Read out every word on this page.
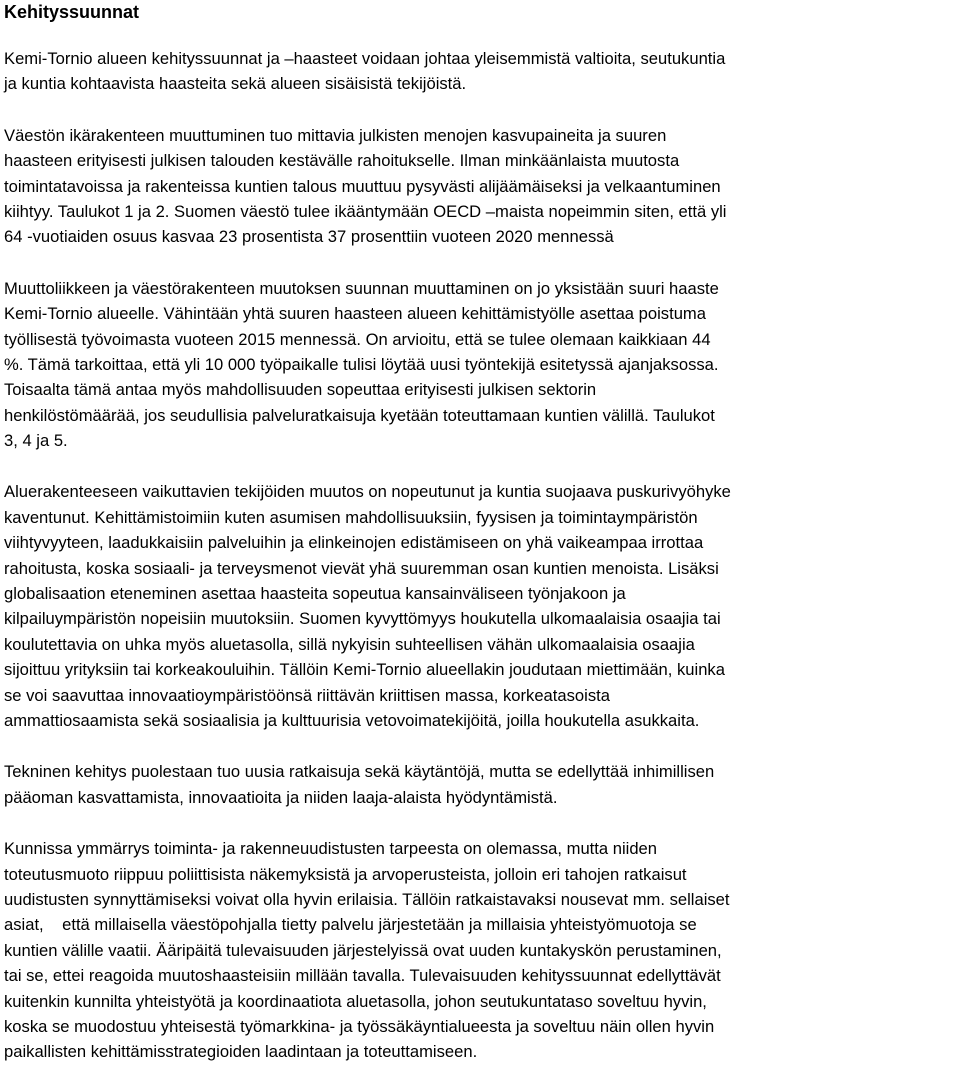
Kehityssuunnat

Kemi-Tornio alueen kehityssuunnat ja –haasteet voidaan johtaa yleisemmistä valtioita, seutukuntia
ja kuntia kohtaavista haasteita sekä alueen sisäisistä tekijöistä.

Väestön ikärakenteen muuttuminen tuo mittavia julkisten menojen kasvupaineita ja suuren
haasteen erityisesti julkisen talouden kestävälle rahoitukselle. Ilman minkäänlaista muutosta
toimintatavoissa ja rakenteissa kuntien talous muuttuu pysyvästi alijäämäiseksi ja velkaantuminen
kiihtyy. Taulukot 1 ja 2. Suomen väestö tulee ikääntymään OECD –maista nopeimmin siten, että yli
64 -vuotiaiden osuus kasvaa 23 prosentista 37 prosenttiin vuoteen 2020 mennessä

Muuttoliikkeen ja väestörakenteen muutoksen suunnan muuttaminen on jo yksistään suuri haaste
Kemi-Tornio alueelle. Vähintään yhtä suuren haasteen alueen kehittämistyölle asettaa poistuma
työllisestä työvoimasta vuoteen 2015 mennessä. On arvioitu, että se tulee olemaan kaikkiaan 44
%. Tämä tarkoittaa, että yli 10 000 työpaikalle tulisi löytää uusi työntekijä esitetyssä ajanjaksossa.
Toisaalta tämä antaa myös mahdollisuuden sopeuttaa erityisesti julkisen sektorin
henkilöstömäärää, jos seudullisia palveluratkaisuja kyetään toteuttamaan kuntien välillä. Taulukot
3, 4 ja 5.

Aluerakenteeseen vaikuttavien tekijöiden muutos on nopeutunut ja kuntia suojaava puskurivyöhyke
kaventunut. Kehittämistoimiin kuten asumisen mahdollisuuksiin, fyysisen ja toimintaympäristön
viihtyvyyteen, laadukkaisiin palveluihin ja elinkeinojen edistämiseen on yhä vaikeampaa irrottaa
rahoitusta, koska sosiaali- ja terveysmenot vievät yhä suuremman osan kuntien menoista. Lisäksi
globalisaation eteneminen asettaa haasteita sopeutua kansainväliseen työnjakoon ja
kilpailuympäristön nopeisiin muutoksiin. Suomen kyvyttömyys houkutella ulkomaalaisia osaajia tai
koulutettavia on uhka myös aluetasolla, sillä nykyisin suhteellisen vähän ulkomaalaisia osaajia
sijoittuu yrityksiin tai korkeakouluihin. Tällöin Kemi-Tornio alueellakin joudutaan miettimään, kuinka
se voi saavuttaa innovaatioympäristöönsä riittävän kriittisen massa, korkeatasoista
ammattiosaamista sekä sosiaalisia ja kulttuurisia vetovoimatekijöitä, joilla houkutella asukkaita.

Tekninen kehitys puolestaan tuo uusia ratkaisuja sekä käytäntöjä, mutta se edellyttää inhimillisen
pääoman kasvattamista, innovaatioita ja niiden laaja-alaista hyödyntämistä.

Kunnissa ymmärrys toiminta- ja rakenneuudistusten tarpeesta on olemassa, mutta niiden
toteutusmuoto riippuu poliittisista näkemyksistä ja arvoperusteista, jolloin eri tahojen ratkaisut
uudistusten synnyttämiseksi voivat olla hyvin erilaisia. Tällöin ratkaistavaksi nousevat mm. sellaiset
asiat,    että millaisella väestöpohjalla tietty palvelu järjestetään ja millaisia yhteistyömuotoja se
kuntien välille vaatii. Ääripäitä tulevaisuuden järjestelyissä ovat uuden kuntakyskön perustaminen,
tai se, ettei reagoida muutoshaasteisiin millään tavalla. Tulevaisuuden kehityssuunnat edellyttävät
kuitenkin kunnilta yhteistyötä ja koordinaatiota aluetasolla, johon seutukuntataso soveltuu hyvin,
koska se muodostuu yhteisestä työmarkkina- ja työssäkäyntialueesta ja soveltuu näin ollen hyvin
paikallisten kehittämisstrategioiden laadintaan ja toteuttamiseen.
